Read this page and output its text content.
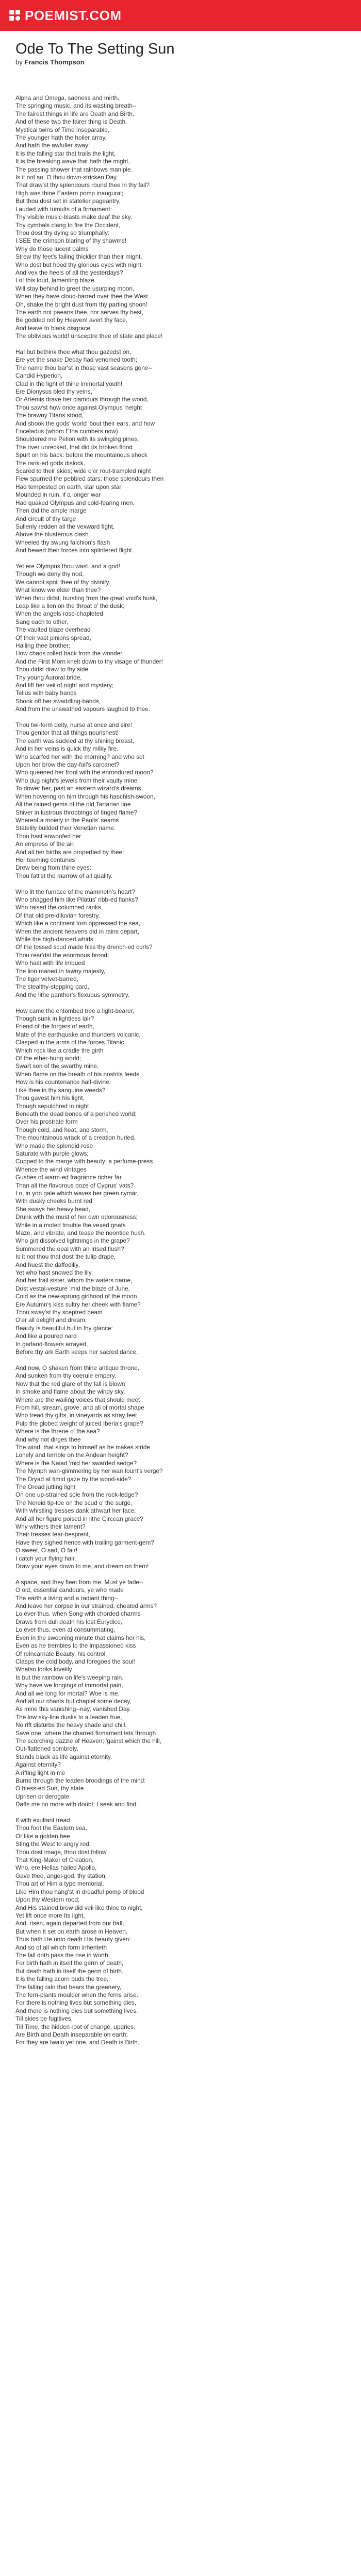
POEMIST.COM
Ode To The Setting Sun
by Francis Thompson
Alpha and Omega, sadness and mirth,
The springing music, and its wasting breath--
The fairest things in life are Death and Birth,
And of these two the fairer thing is Death.
Mystical twins of Time inseparable,
The younger hath the holier array,
And hath the awfuller sway:
It is the falling star that trails the light,
It is the breaking wave that hath the might,
The passing shower that rainbows maniple.
Is it not so, O thou down-stricken Day,
That draw'st thy splendours round thee in thy fall?
High was thine Eastern pomp inaugural;
But thou dost set in statelier pageantry,
Lauded with tumults of a firmament:
Thy visible music-blasts make deaf the sky,
Thy cymbals clang to fire the Occident,
Thou dost thy dying so triumphally:
I SEE the crimson blaring of thy shawms!
Why do those lucent palms
Strew thy feet's failing thicklier than their might,
Who dost but hood thy glorious eyes with night,
And vex the heels of all the yesterdays?
Lo! this loud, lamenting blaze
Will stay behind to greet the usurping moon,
When they have cloud-barred over thee the West.
Oh, shake the bright dust from thy parting shoon!
The earth not paeans thee, nor serves thy hest,
Be godded not by Heaven! avert thy face,
And leave to blank disgrace
The oblivious world! unsceptre thee of state and place!
Ha! but bethink thee what thou gazedst on,
Ere yet the snake Decay had venomed tooth;
The name thou bar'st in those vast seasons gone--
Candid Hyperion,
Clad in the light of thine immortal youth!
Ere Dionysus bled thy veins,
Or Artemis drave her clamours through the wood,
Thou saw'st how once against Olympus' height
The brawny Titans stood,
And shook the gods' world 'bout their ears, and how
Enceladus (whom Etna cumbers now)
Shouldered me Pelion with its swinging pines,
The river unrecked, that did its broken flood
Spurt on his back: before the mountainous shock
The rank-ed gods dislock,
Scared to their skies; wide o'er rout-trampled night
Flew spurned the pebbled stars: those splendours then
Had tempested on earth, star upon star
Mounded in ruin, if a longer war
Had quaked Olympus and cold-fearing men.
Then did the ample marge
And circuit of thy targe
Sullenly redden all the vexward fight,
Above the blusterous clash
Wheeled thy swung falchion's flash
And hewed their forces into splintered flight.
Yet ere Olympus thou wast, and a god!
Though we deny thy nod,
We cannot spoil thee of thy divinity.
What know we elder than thee?
When thou didst, bursting from the great void's husk,
Leap like a lion on the throat o' the dusk;
When the angels rose-chapleted
Sang each to other,
The vaulted blaze overhead
Of their vast pinions spread,
Hailing thee brother;
How chaos rolled back from the wonder,
And the First Morn knelt down to thy visage of thunder!
Thou didst draw to thy side
Thy young Auroral bride,
And lift her veil of night and mystery;
Tellus with baby hands
Shook off her swaddling-bands,
And from the unswathed vapours laughed to thee.
Thou twi-form deity, nurse at once and sire!
Thou genitor that all things nourishest!
The earth was suckled at thy shining breast,
And in her veins is quick thy milky fire.
Who scarfed her with the morning? and who set
Upon her brow the day-fall's carcanet?
Who queened her front with the enrondured moon?
Who dug night's jewels from their vaulty mine
To dower her, past an eastern wizard's dreams,
When hovering on him through his haschish-swoon,
All the rained gems of the old Tartarian line
Shiver in lustrous throbbings of tinged flame?
Whereof a moiety in the Paolis' seams
Statelily builded their Venetian name.
Thou hast enwoofed her
An empress of the air,
And all her births are propertied by thee:
Her teeming centuries
Drew being from thine eyes:
Thou fatt'st the marrow of all quality.
Who lit the furnace of the mammoth's heart?
Who shagged him like Pilatus' ribb-ed flanks?
Who raised the columned ranks
Of that old pre-diluvian forestry,
Which like a continent torn oppressed the sea,
When the ancient heavens did in rains depart,
While the high-danced whirls
Of the tossed scud made hiss thy drench-ed curls?
Thou rear'dst the enormous brood;
Who hast with life imbued
The lion maned in tawny majesty,
The tiger velvet-barred,
The stealthy-stepping pard,
And the lithe panther's flexuous symmetry.
How came the entombed tree a light-bearer,
Though sunk in lightless lair?
Friend of the forgers of earth,
Mate of the earthquake and thunders volcanic,
Clasped in the arms of the forces Titanic
Which rock like a cradle the girth
Of the ether-hung world;
Swart son of the swarthy mine,
When flame on the breath of his nostrils feeds
How is his countenance half-divine,
Like thee in thy sanguine weeds?
Thou gavest him his light,
Though sepulchred in night
Beneath the dead bones of a perished world;
Over his prostrate form
Though cold, and heat, and storm,
The mountainous wrack of a creation hurled.
Who made the splendid rose
Saturate with purple glows;
Cupped to the marge with beauty; a perfume-press
Whence the wind vintages
Gushes of warm-ed fragrance richer far
Than all the flavorous ooze of Cyprus' vats?
Lo, in yon gale which waves her green cymar,
With dusky cheeks burnt red
She sways her heavy head,
Drunk with the must of her own odorousness;
While in a moted trouble the vexed gnats
Maze, and vibrate, and tease the noontide hush.
Who girt dissolved lightnings in the grape?
Summered the opal with an Irised flush?
Is it not thou that dost the tulip drape,
And huest the daffodilly,
Yet who hast snowed the lily,
And her frail sister, whom the waters name,
Dost vestal-vesture 'mid the blaze of June,
Cold as the new-sprung girlhood of the moon
Ere Autumn's kiss sultry her cheek with flame?
Thou sway'st thy sceptred beam
O'er all delight and dream,
Beauty is beautiful but in thy glance:
And like a poured nard
In garland-flowers arrayed,
Before thy ark Earth keeps her sacred dance.
And now, O shaken from thine antique throne,
And sunken from thy coerule empery,
Now that the red glare of thy fall is blown
In smoke and flame about the windy sky,
Where are the wailing voices that should meet
From hill, stream, grove, and all of mortal shape
Who tread thy gifts, in vineyards as stray feet
Pulp the globed weight of juiced Iberia's grape?
Where is the threne o' the sea?
And why not dirges thee
The wind, that sings to himself as he makes stride
Lonely and terrible on the Andean height?
Where is the Naiad 'mid her swarded sedge?
The Nymph wan-glimmering by her wan fount's verge?
The Dryad at timid gaze by the wood-side?
The Oread jutting light
On one up-strained sole from the rock-ledge?
The Nereid tip-toe on the scud o' the surge,
With whistling tresses dank athwart her face,
And all her figure poised in lithe Circean grace?
Why withers their lament?
Their tresses tear-besprent,
Have they sighed hence with trailing garment-gem?
O sweet, O sad, O fair!
I catch your flying hair,
Draw your eyes down to me, and dream on them!
A space, and they fleet from me. Must ye fade--
O old, essential candours, ye who made
The earth a living and a radiant thing--
And leave her corpse in our strained, cheated arms?
Lo ever thus, when Song with chorded charms
Draws from dull death his lost Eurydice,
Lo ever thus, even at consummating,
Even in the swooning minute that claims her his,
Even as he trembles to the impassioned kiss
Of reincarnate Beauty, his control
Clasps the cold body, and foregoes the soul!
Whatso looks lovelily
Is but the rainbow on life's weeping rain.
Why have we longings of immortal pain,
And all we long for mortal? Woe is me,
And all our chants but chaplet some decay,
As mine this vanishing--nay, vanished Day.
The low sky-line dusks to a leaden hue,
No rift disturbs the heavy shade and chill,
Save one, where the charred firmament lets through
The scorching dazzle of Heaven; 'gainst which the hill,
Out-flattened sombrely,
Stands black as life against eternity.
Against eternity?
A rifting light in me
Burns through the leaden broodings of the mind:
O bless-ed Sun, thy state
Uprisen or derogate
Dafts me no more with doubt; I seek and find.
If with exultant tread
Thou foot the Eastern sea,
Or like a golden bee
Sting the West to angry red,
Thou dost image, thou dost follow
That King-Maker of Creation,
Who, ere Hellas hailed Apollo,
Gave thee, angel-god, thy station;
Thou art of Him a type memorial.
Like Him thou hang'st in dreadful pomp of blood
Upon thy Western rood;
And His stained brow did veil like thine to night,
Yet lift once more Its light,
And, risen, again departed from our ball,
But when It set on earth arose in Heaven.
Thus hath He unto death His beauty given:
And so of all which form inheriteth
The fall doth pass the rise in worth;
For birth hath in itself the germ of death,
But death hath in itself the germ of birth.
It is the falling acorn buds the tree,
The falling rain that bears the greenery,
The fern-plants moulder when the ferns arise.
For there is nothing lives but something dies,
And there is nothing dies but something lives.
Till skies be fugitives,
Till Time, the hidden root of change, updries,
Are Birth and Death inseparable on earth;
For they are twain yet one, and Death is Birth.
